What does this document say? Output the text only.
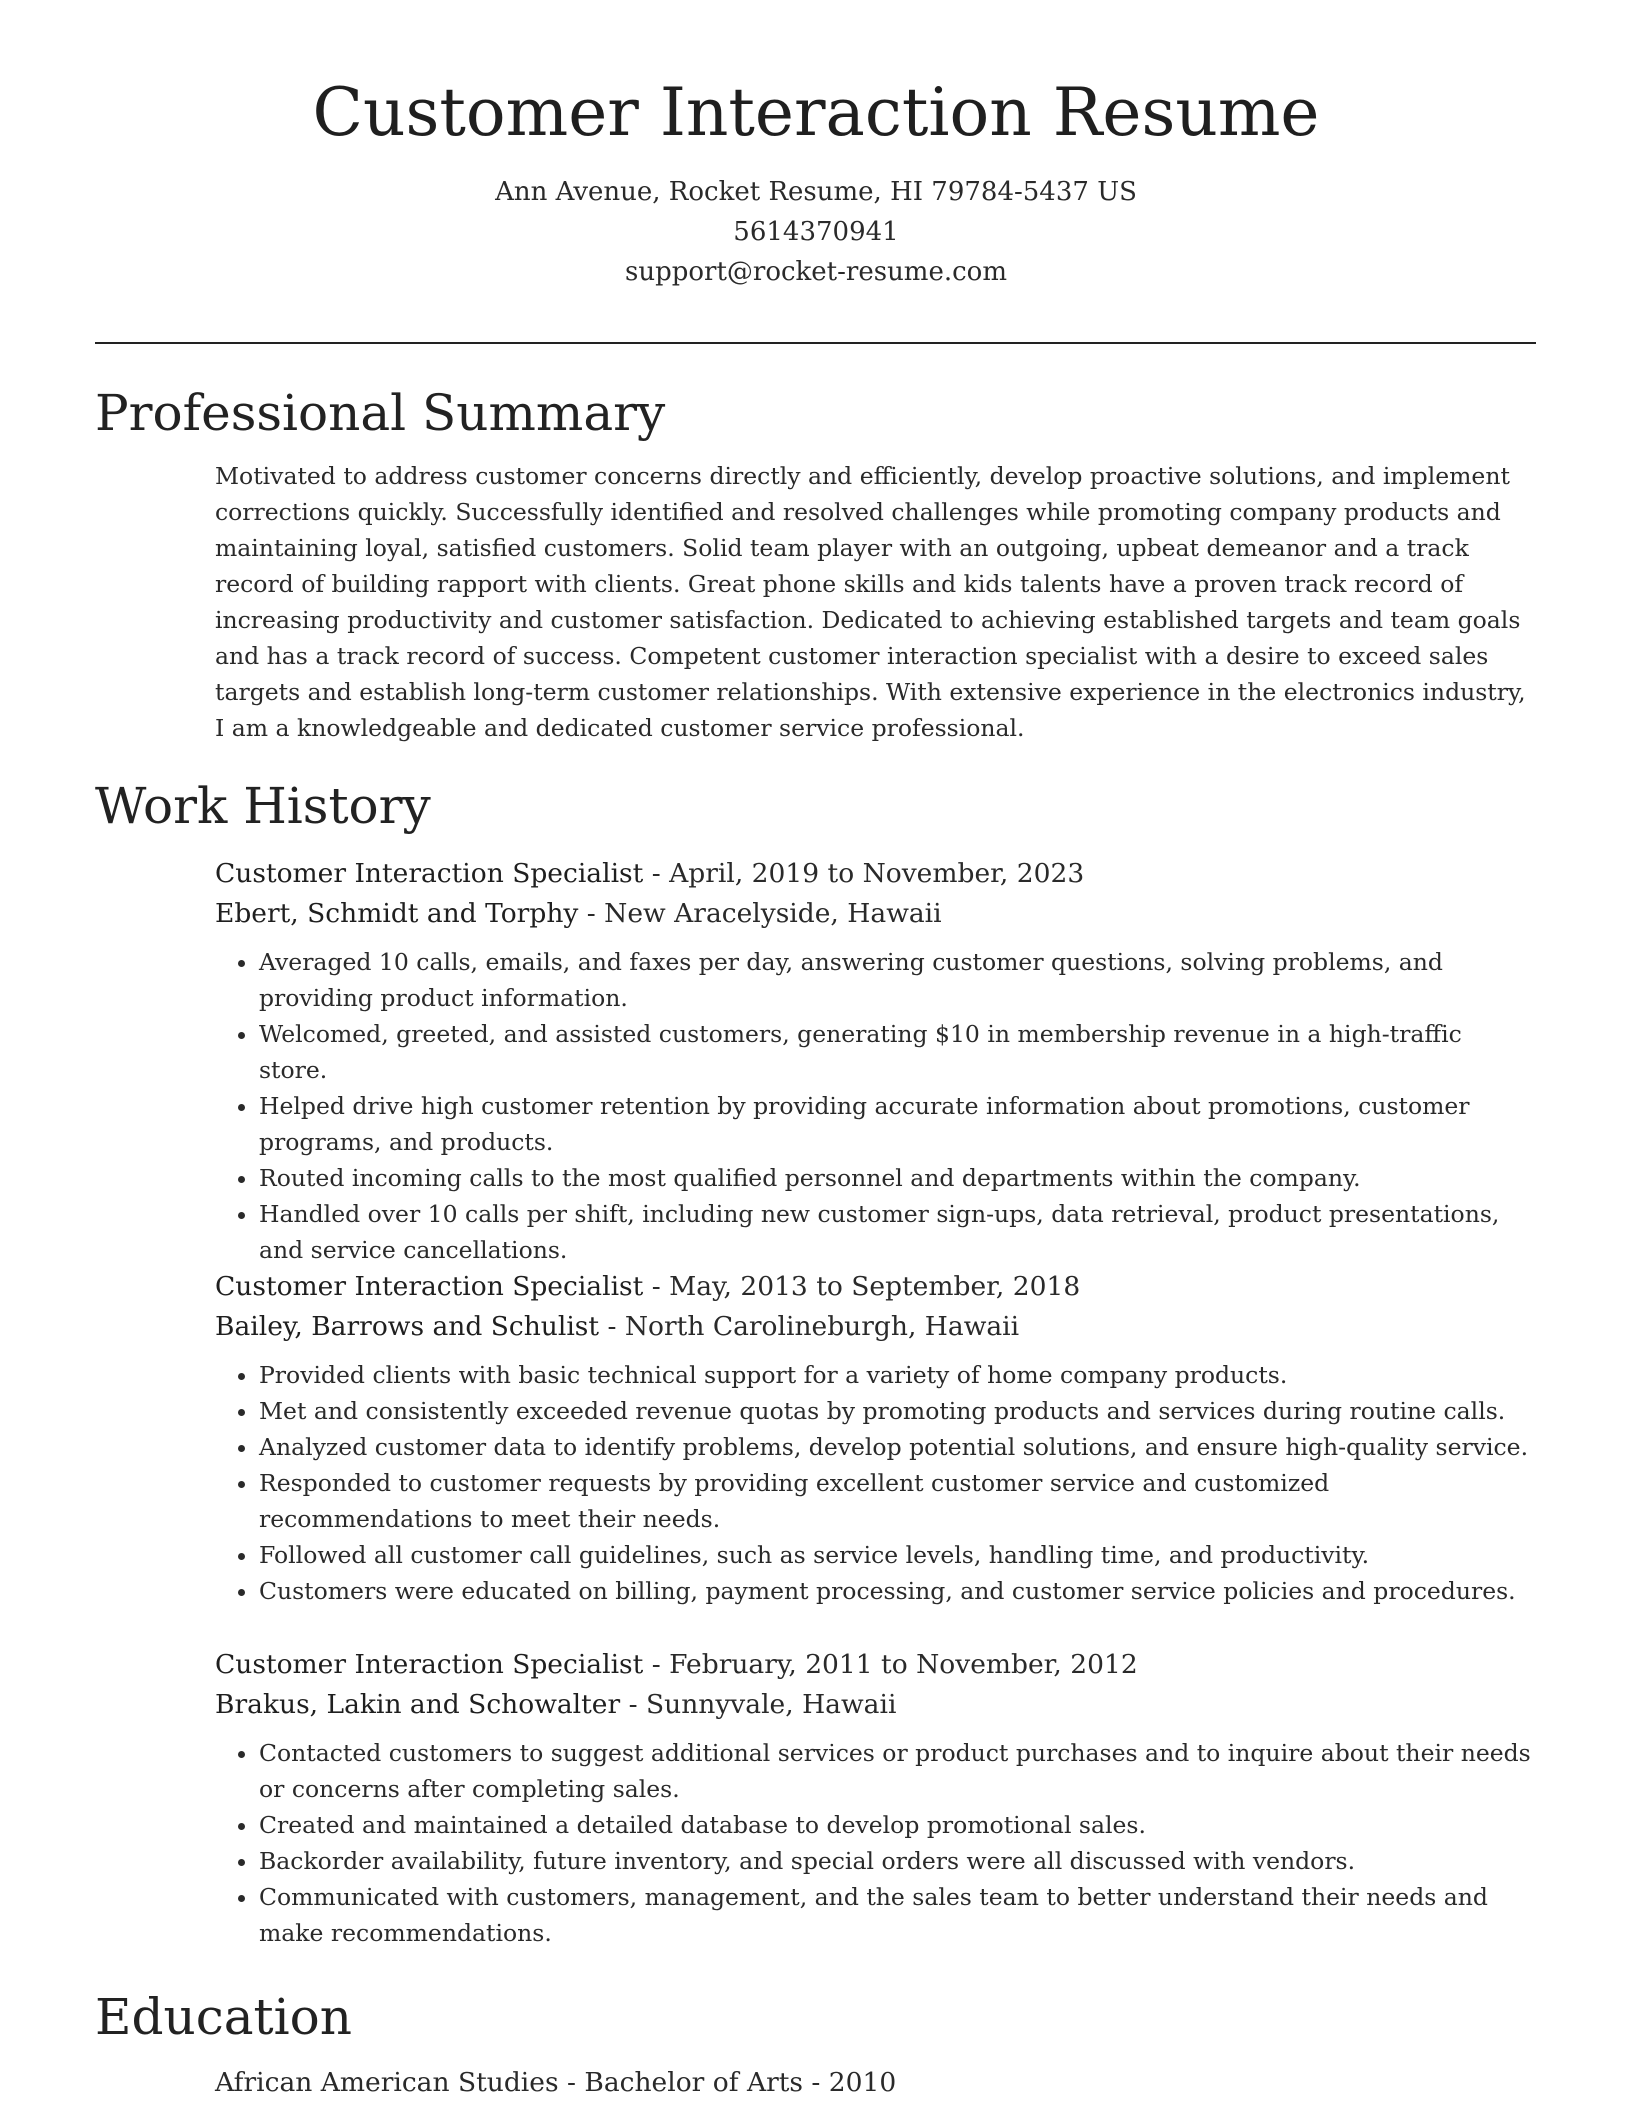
Customer Interaction Resume
Ann Avenue, Rocket Resume, HI 79784-5437 US
5614370941
support@rocket-resume.com
Professional Summary

Motivated to address customer concerns directly and efficiently, develop proactive solutions, and implement corrections quickly. Successfully identified and resolved challenges while promoting company products and maintaining loyal, satisfied customers. Solid team player with an outgoing, upbeat demeanor and a track record of building rapport with clients. Great phone skills and kids talents have a proven track record of increasing productivity and customer satisfaction. Dedicated to achieving established targets and team goals and has a track record of success. Competent customer interaction specialist with a desire to exceed sales targets and establish long-term customer relationships. With extensive experience in the electronics industry, I am a knowledgeable and dedicated customer service professional.

Work History
Customer Interaction Specialist - April, 2019 to November, 2023
Ebert, Schmidt and Torphy - New Aracelyside, Hawaii
• Averaged 10 calls, emails, and faxes per day, answering customer questions, solving problems, and providing product information.
• Welcomed, greeted, and assisted customers, generating $10 in membership revenue in a high-traffic store.
• Helped drive high customer retention by providing accurate information about promotions, customer programs, and products.
• Routed incoming calls to the most qualified personnel and departments within the company.
• Handled over 10 calls per shift, including new customer sign-ups, data retrieval, product presentations, and service cancellations.
Customer Interaction Specialist - May, 2013 to September, 2018
Bailey, Barrows and Schulist - North Carolineburgh, Hawaii
• Provided clients with basic technical support for a variety of home company products.
• Met and consistently exceeded revenue quotas by promoting products and services during routine calls.
• Analyzed customer data to identify problems, develop potential solutions, and ensure high-quality service.
• Responded to customer requests by providing excellent customer service and customized recommendations to meet their needs.
• Followed all customer call guidelines, such as service levels, handling time, and productivity.
• Customers were educated on billing, payment processing, and customer service policies and procedures.
Customer Interaction Specialist - February, 2011 to November, 2012
Brakus, Lakin and Schowalter - Sunnyvale, Hawaii
• Contacted customers to suggest additional services or product purchases and to inquire about their needs or concerns after completing sales.
• Created and maintained a detailed database to develop promotional sales.
• Backorder availability, future inventory, and special orders were all discussed with vendors.
• Communicated with customers, management, and the sales team to better understand their needs and make recommendations.
Education
African American Studies - Bachelor of Arts - 2010
